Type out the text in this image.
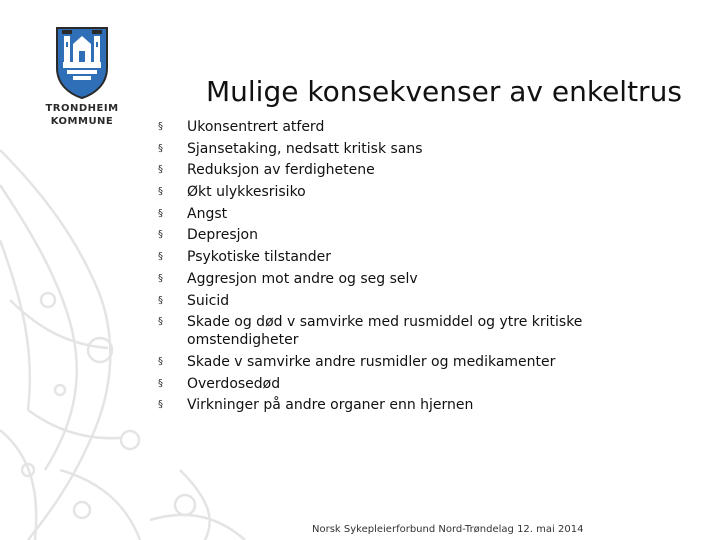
TRONDHEIM
KOMMUNE
Mulige konsekvenser av enkeltrus
§	Ukonsentrert atferd
§	Sjansetaking, nedsatt kritisk sans
§	Reduksjon av ferdighetene
§	Økt ulykkesrisiko
§	Angst
§	Depresjon
§	Psykotiske tilstander
§	Aggresjon mot andre og seg selv
§	Suicid
§	Skade og død v samvirke med rusmiddel og ytre kritiske omstendigheter
§	Skade v samvirke andre rusmidler og medikamenter
§	Overdosedød
§	Virkninger på andre organer enn hjernen
Norsk Sykepleierforbund Nord-Trøndelag 12. mai 2014
